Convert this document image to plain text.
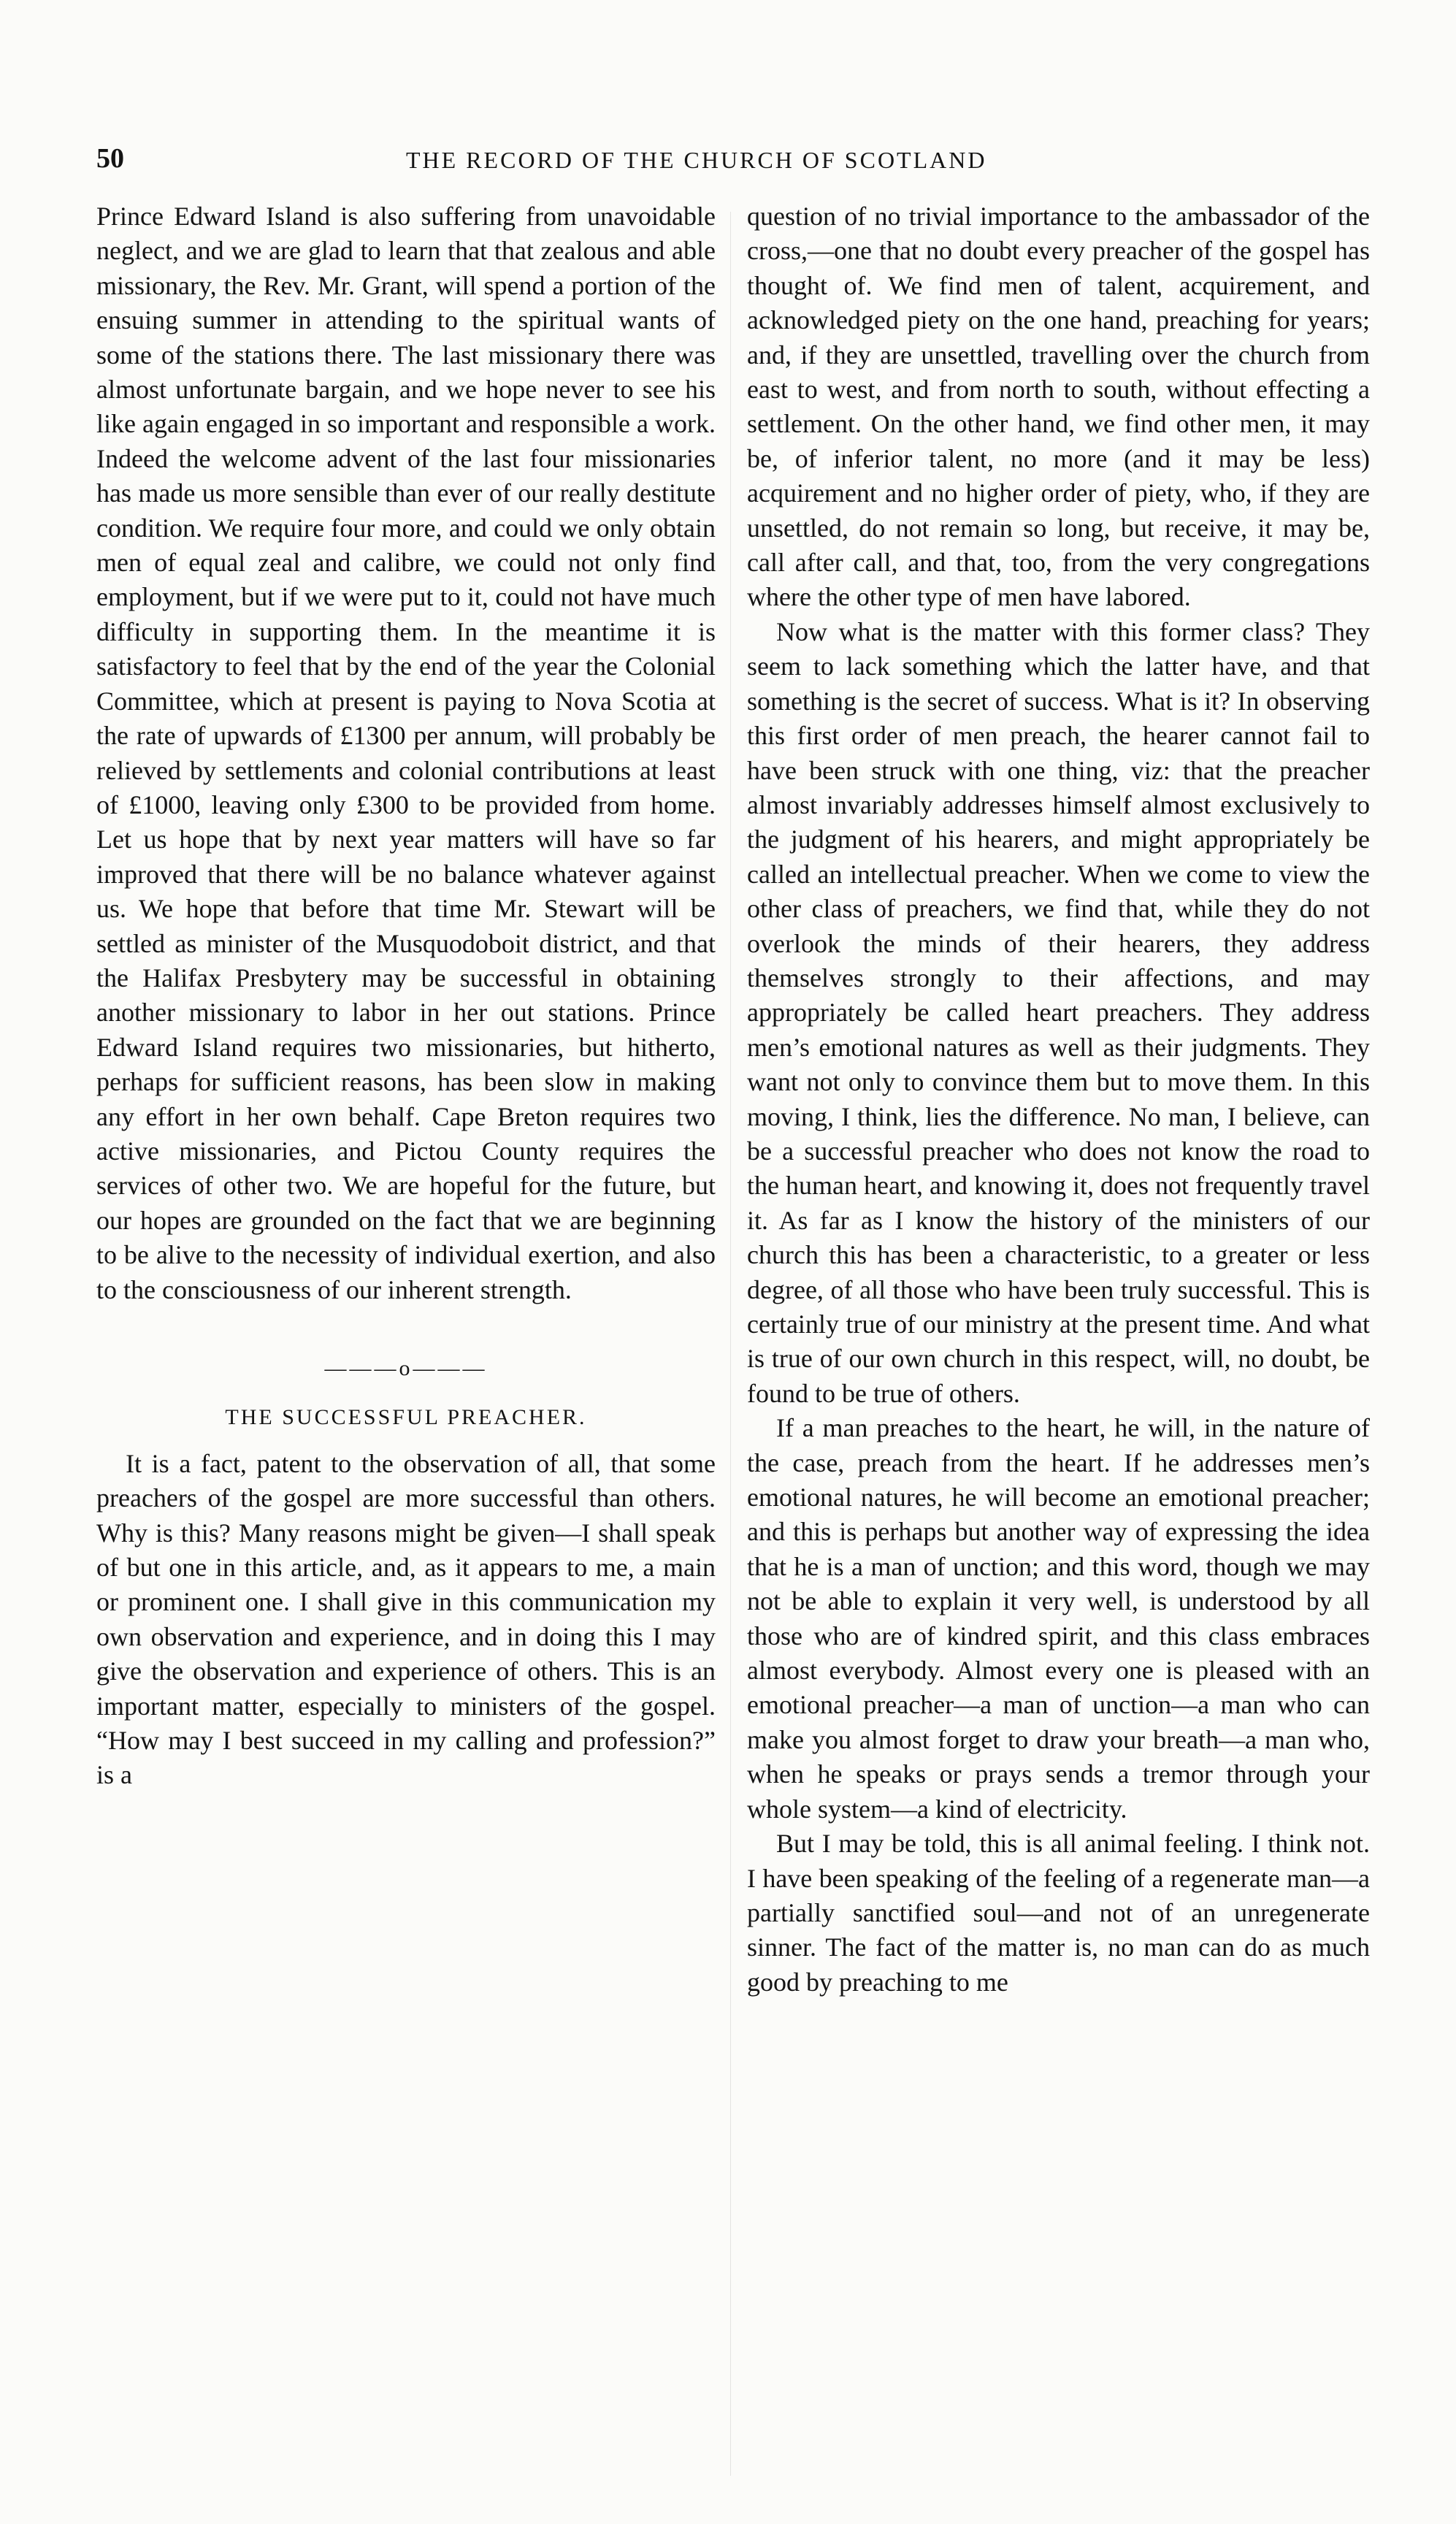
50	THE RECORD OF THE CHURCH OF SCOTLAND

Prince Edward Island is also suffering from unavoidable neglect, and we are glad to learn that that zealous and able missionary, the Rev. Mr. Grant, will spend a portion of the ensuing summer in attending to the spiritual wants of some of the stations there. The last missionary there was almost unfortunate bargain, and we hope never to see his like again engaged in so important and responsible a work. Indeed the welcome advent of the last four missionaries has made us more sensible than ever of our really destitute condition. We require four more, and could we only obtain men of equal zeal and calibre, we could not only find employment, but if we were put to it, could not have much difficulty in supporting them. In the meantime it is satisfactory to feel that by the end of the year the Colonial Committee, which at present is paying to Nova Scotia at the rate of upwards of £1300 per annum, will probably be relieved by settlements and colonial contributions at least of £1000, leaving only £300 to be provided from home. Let us hope that by next year matters will have so far improved that there will be no balance whatever against us. We hope that before that time Mr. Stewart will be settled as minister of the Musquodoboit district, and that the Halifax Presbytery may be successful in obtaining another missionary to labor in her out stations. Prince Edward Island requires two missionaries, but hitherto, perhaps for sufficient reasons, has been slow in making any effort in her own behalf. Cape Breton requires two active missionaries, and Pictou County requires the services of other two. We are hopeful for the future, but our hopes are grounded on the fact that we are beginning to be alive to the necessity of individual exertion, and also to the consciousness of our inherent strength.

———o———
THE SUCCESSFUL PREACHER.

It is a fact, patent to the observation of all, that some preachers of the gospel are more successful than others. Why is this? Many reasons might be given—I shall speak of but one in this article, and, as it appears to me, a main or prominent one. I shall give in this communication my own observation and experience, and in doing this I may give the observation and experience of others. This is an important matter, especially to ministers of the gospel. “How may I best succeed in my calling and profession?” is a

question of no trivial importance to the ambassador of the cross,—one that no doubt every preacher of the gospel has thought of. We find men of talent, acquirement, and acknowledged piety on the one hand, preaching for years; and, if they are unsettled, travelling over the church from east to west, and from north to south, without effecting a settlement. On the other hand, we find other men, it may be, of inferior talent, no more (and it may be less) acquirement and no higher order of piety, who, if they are unsettled, do not remain so long, but receive, it may be, call after call, and that, too, from the very congregations where the other type of men have labored.

Now what is the matter with this former class? They seem to lack something which the latter have, and that something is the secret of success. What is it? In observing this first order of men preach, the hearer cannot fail to have been struck with one thing, viz: that the preacher almost invariably addresses himself almost exclusively to the judgment of his hearers, and might appropriately be called an intellectual preacher. When we come to view the other class of preachers, we find that, while they do not overlook the minds of their hearers, they address themselves strongly to their affections, and may appropriately be called heart preachers. They address men’s emotional natures as well as their judgments. They want not only to convince them but to move them. In this moving, I think, lies the difference. No man, I believe, can be a successful preacher who does not know the road to the human heart, and knowing it, does not frequently travel it. As far as I know the history of the ministers of our church this has been a characteristic, to a greater or less degree, of all those who have been truly successful. This is certainly true of our ministry at the present time. And what is true of our own church in this respect, will, no doubt, be found to be true of others.

If a man preaches to the heart, he will, in the nature of the case, preach from the heart. If he addresses men’s emotional natures, he will become an emotional preacher; and this is perhaps but another way of expressing the idea that he is a man of unction; and this word, though we may not be able to explain it very well, is understood by all those who are of kindred spirit, and this class embraces almost everybody. Almost every one is pleased with an emotional preacher—a man of unction—a man who can make you almost forget to draw your breath—a man who, when he speaks or prays sends a tremor through your whole system—a kind of electricity.

But I may be told, this is all animal feeling. I think not. I have been speaking of the feeling of a regenerate man—a partially sanctified soul—and not of an unregenerate sinner. The fact of the matter is, no man can do as much good by preaching to me
